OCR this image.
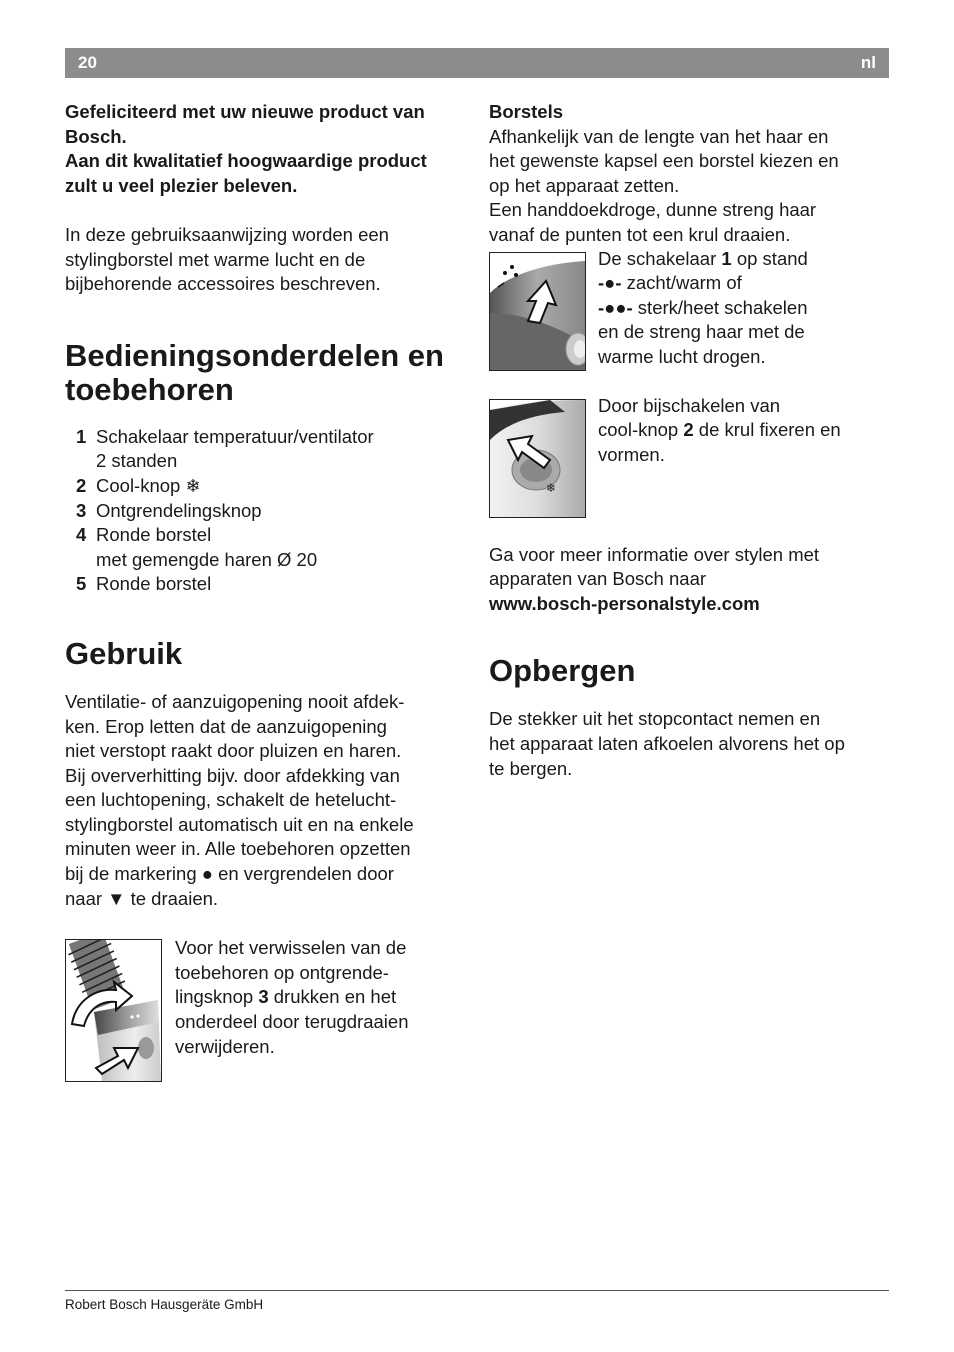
20	nl

Gefeliciteerd met uw nieuwe product van

Bosch.

Aan dit kwalitatief hoogwaardige product

zult u veel plezier beleven.

In deze gebruiksaanwijzing worden een

stylingborstel met warme lucht en de

bijbehorende accessoires beschreven.

Bedieningsonderdelen en
toebehoren
1 Schakelaar temperatuur/ventilator
2 standen
2 Cool-knop ❄
3 Ontgrendelingsknop
4 Ronde borstel
met gemengde haren Ø 20
5 Ronde borstel
Gebruik

Ventilatie- of aanzuigopening nooit afdek-

ken. Erop letten dat de aanzuigopening

niet verstopt raakt door pluizen en haren.

Bij oververhitting bijv. door afdekking van

een luchtopening, schakelt de hetelucht-

stylingborstel automatisch uit en na enkele

minuten weer in. Alle toebehoren opzetten

bij de markering ● en vergrendelen door

naar ▼ te draaien.

Voor het verwisselen van de

toebehoren op ontgrende-

lingsknop 3 drukken en het

onderdeel door terugdraaien

verwijderen.

Borstels

Afhankelijk van de lengte van het haar en

het gewenste kapsel een borstel kiezen en

op het apparaat zetten.

Een handdoekdroge, dunne streng haar

vanaf de punten tot een krul draaien.

De schakelaar 1 op stand

-●- zacht/warm of

-●●- sterk/heet schakelen

en de streng haar met de

warme lucht drogen.

❄

Door bijschakelen van

cool-knop 2 de krul fixeren en

vormen.

Ga voor meer informatie over stylen met

apparaten van Bosch naar

www.bosch-personalstyle.com

Opbergen

De stekker uit het stopcontact nemen en

het apparaat laten afkoelen alvorens het op

te bergen.

Robert Bosch Hausgeräte GmbH
